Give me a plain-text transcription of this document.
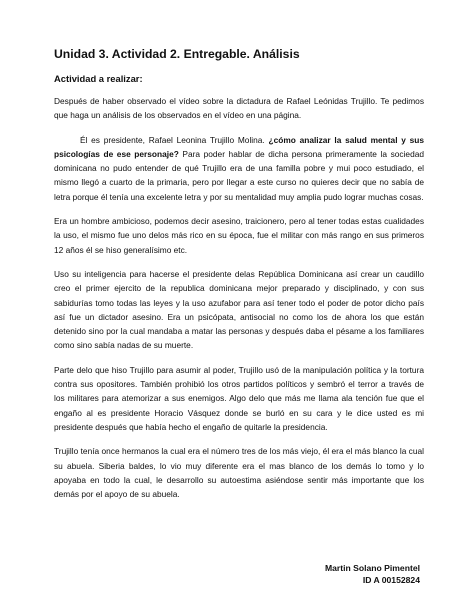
Unidad 3. Actividad 2. Entregable. Análisis
Actividad a realizar:

Después de haber observado el vídeo sobre la dictadura de Rafael Leónidas Trujillo. Te pedimos que haga un análisis de los observados en el vídeo en una página.

Él es presidente, Rafael Leonina Trujillo Molina. ¿cómo analizar la salud mental y sus psicologías de ese personaje? Para poder hablar de dicha persona primeramente la sociedad dominicana no pudo entender de qué Trujillo era de una familla pobre y mui poco estudiado, el mismo llegó a cuarto de la primaria, pero por llegar a este curso no quieres decir que no sabía de letra porque él tenía una excelente letra y por su mentalidad muy amplia pudo lograr muchas cosas.

Era un hombre ambicioso, podemos decir asesino, traicionero, pero al tener todas estas cualidades la uso, el mismo fue uno delos más rico en su época, fue el militar con más rango en sus primeros 12 años él se hiso generalísimo etc.

Uso su inteligencia para hacerse el presidente delas República Dominicana así crear un caudillo creo el primer ejercito de la republica dominicana mejor preparado y disciplinado, y con sus sabidurías tomo todas las leyes y la uso azufabor para así tener todo el poder de potor dicho país así fue un dictador asesino. Era un psicópata, antisocial no como los de ahora los que están detenido sino por la cual mandaba a matar las personas y después daba el pésame a los familiares como sino sabía nadas de su muerte.

Parte delo que hiso Trujillo para asumir al poder, Trujillo usó de la manipulación política y la tortura contra sus opositores. También prohibió los otros partidos políticos y sembró el terror a través de los militares para atemorizar a sus enemigos. Algo delo que más me llama ala tención fue que el engaño al es presidente Horacio Vásquez donde se burló en su cara y le dice usted es mi presidente después que había hecho el engaño de quitarle la presidencia.

Trujillo tenía once hermanos la cual era el número tres de los más viejo, él era el más blanco la cual su abuela. Siberia baldes, lo vio muy diferente era el mas blanco de los demás lo tomo y lo apoyaba en todo la cual, le desarrollo su autoestima asiéndose sentir más importante que los demás por el apoyo de su abuela.

Martin Solano Pimentel
ID A 00152824
